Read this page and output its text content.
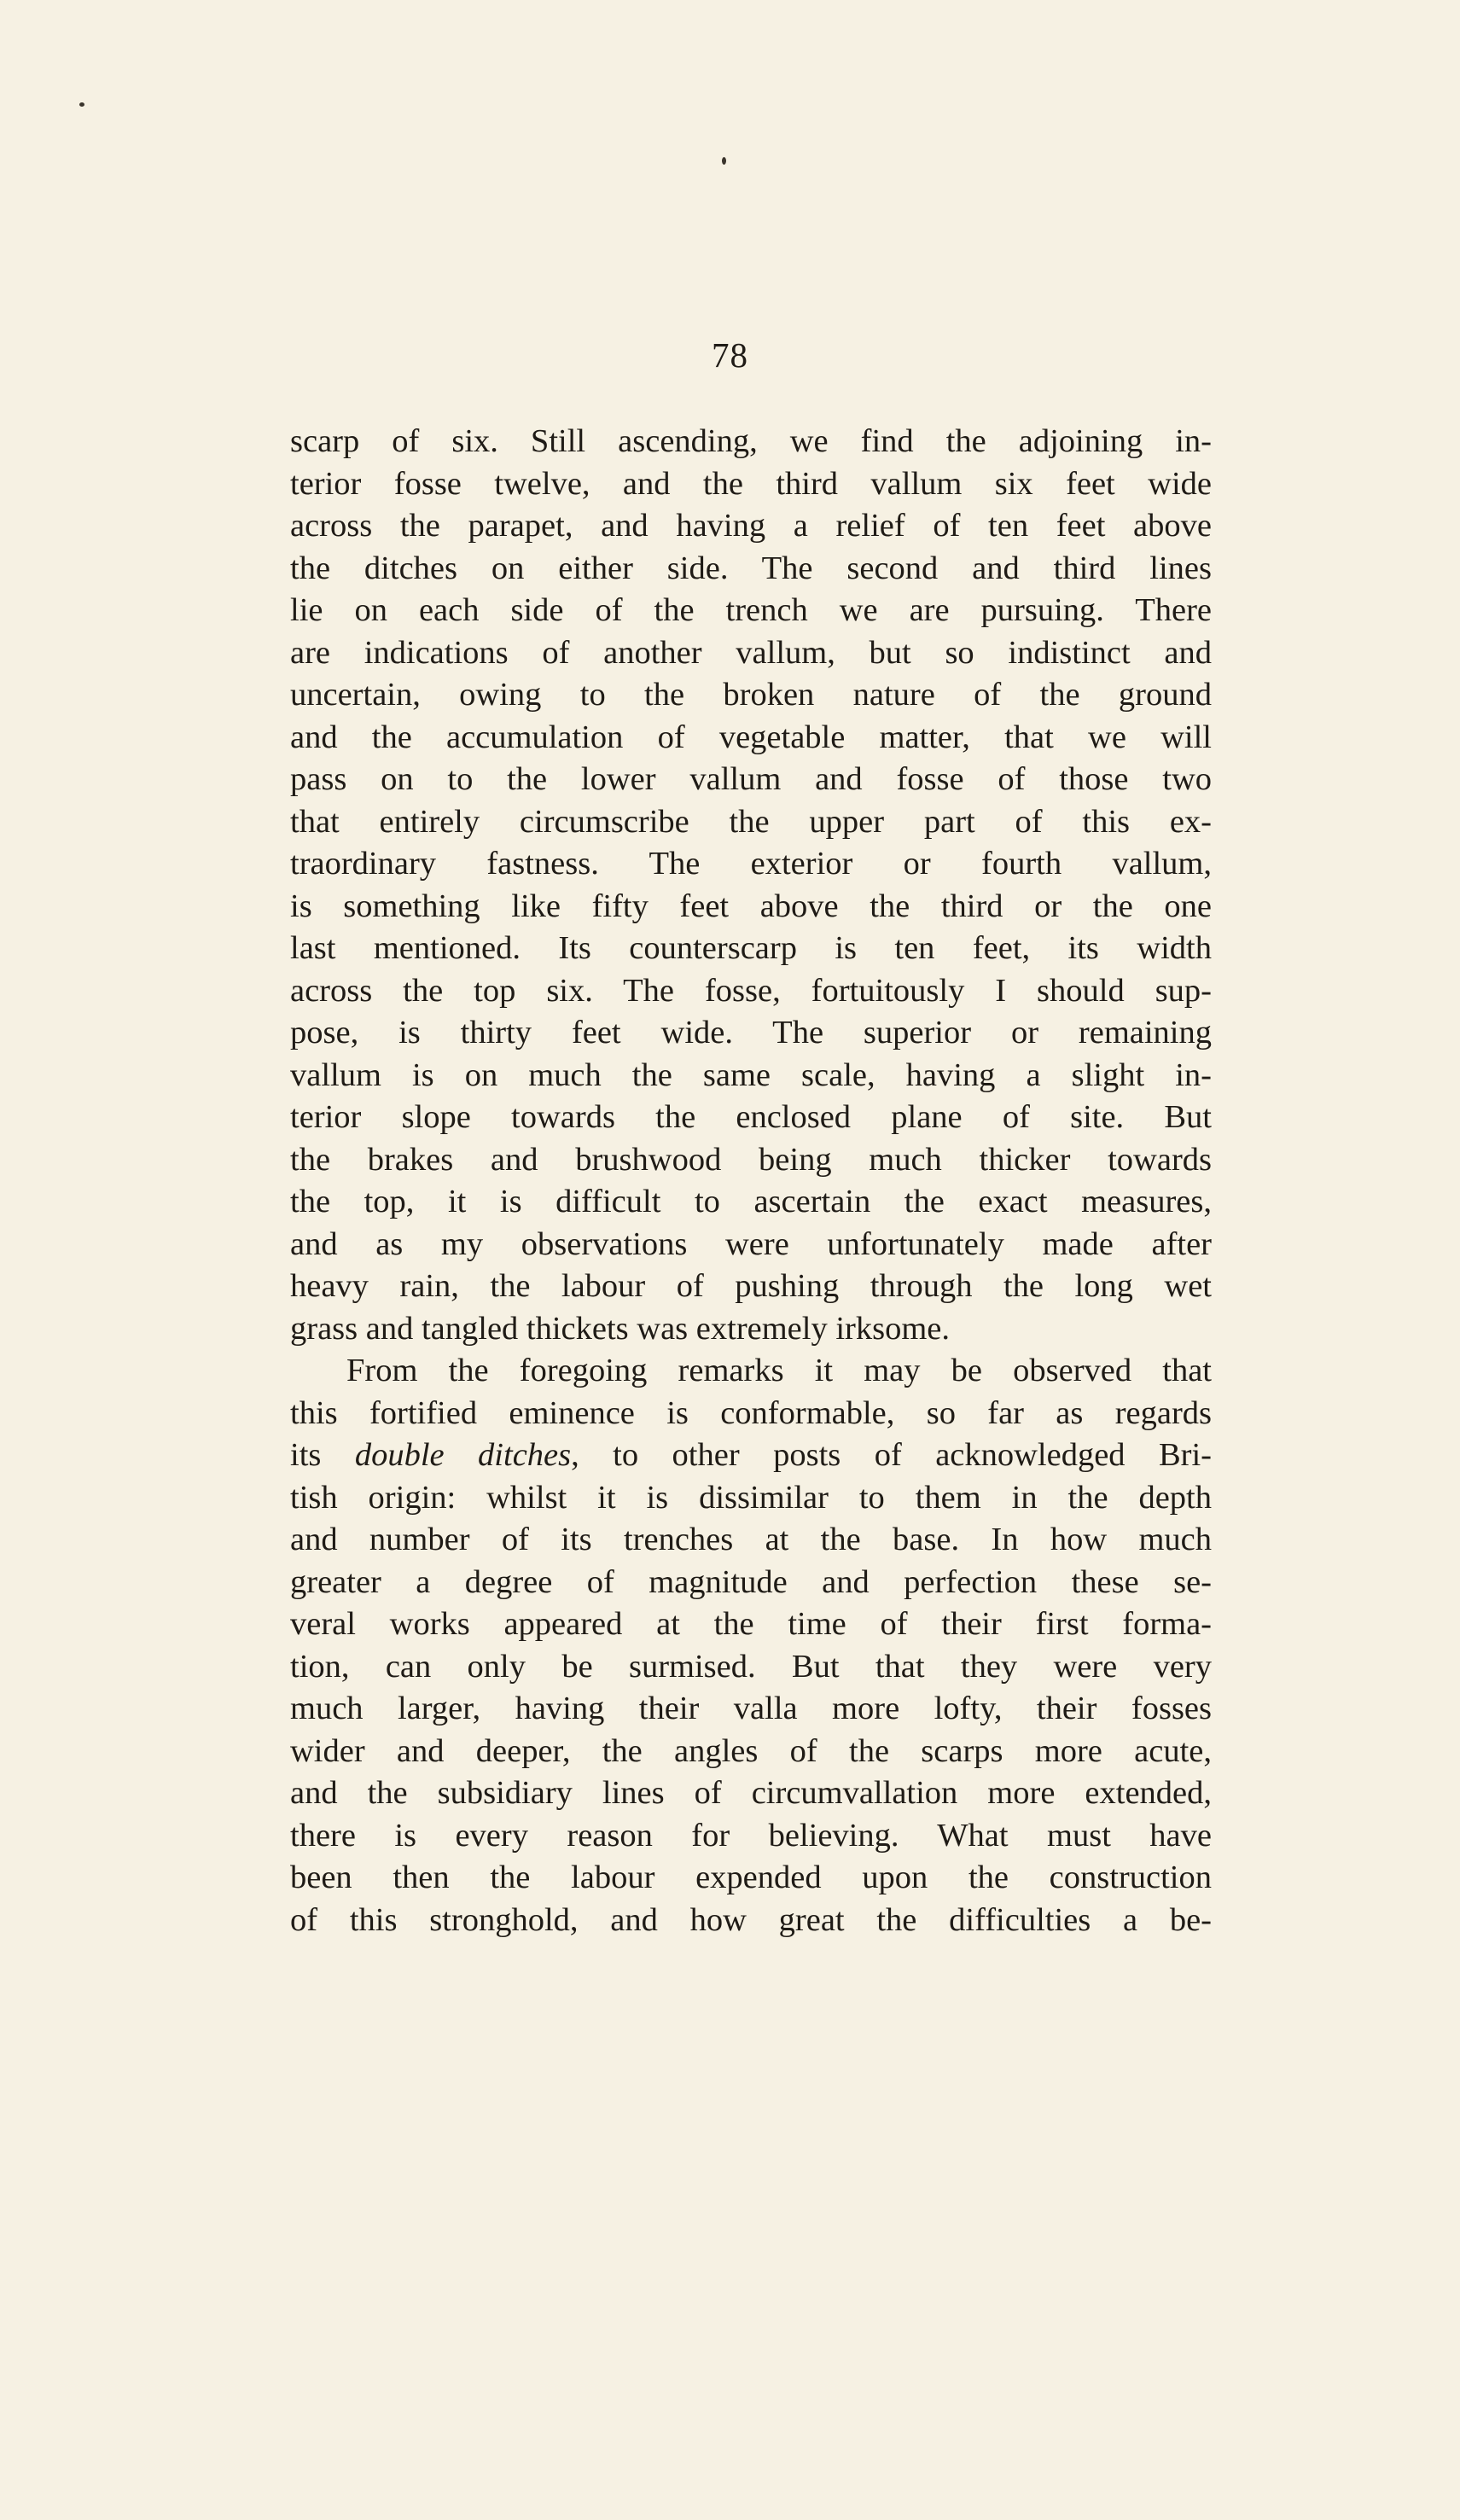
78
scarp of six. Still ascending, we find the adjoining in-
terior fosse twelve, and the third vallum six feet wide
across the parapet, and having a relief of ten feet above
the ditches on either side. The second and third lines
lie on each side of the trench we are pursuing. There
are indications of another vallum, but so indistinct and
uncertain, owing to the broken nature of the ground
and the accumulation of vegetable matter, that we will
pass on to the lower vallum and fosse of those two
that entirely circumscribe the upper part of this ex-
traordinary fastness. The exterior or fourth vallum,
is something like fifty feet above the third or the one
last mentioned. Its counterscarp is ten feet, its width
across the top six. The fosse, fortuitously I should sup-
pose, is thirty feet wide. The superior or remaining
vallum is on much the same scale, having a slight in-
terior slope towards the enclosed plane of site. But
the brakes and brushwood being much thicker towards
the top, it is difficult to ascertain the exact measures,
and as my observations were unfortunately made after
heavy rain, the labour of pushing through the long wet
grass and tangled thickets was extremely irksome.
From the foregoing remarks it may be observed that
this fortified eminence is conformable, so far as regards
its double ditches, to other posts of acknowledged Bri-
tish origin: whilst it is dissimilar to them in the depth
and number of its trenches at the base. In how much
greater a degree of magnitude and perfection these se-
veral works appeared at the time of their first forma-
tion, can only be surmised. But that they were very
much larger, having their valla more lofty, their fosses
wider and deeper, the angles of the scarps more acute,
and the subsidiary lines of circumvallation more extended,
there is every reason for believing. What must have
been then the labour expended upon the construction
of this stronghold, and how great the difficulties a be-
